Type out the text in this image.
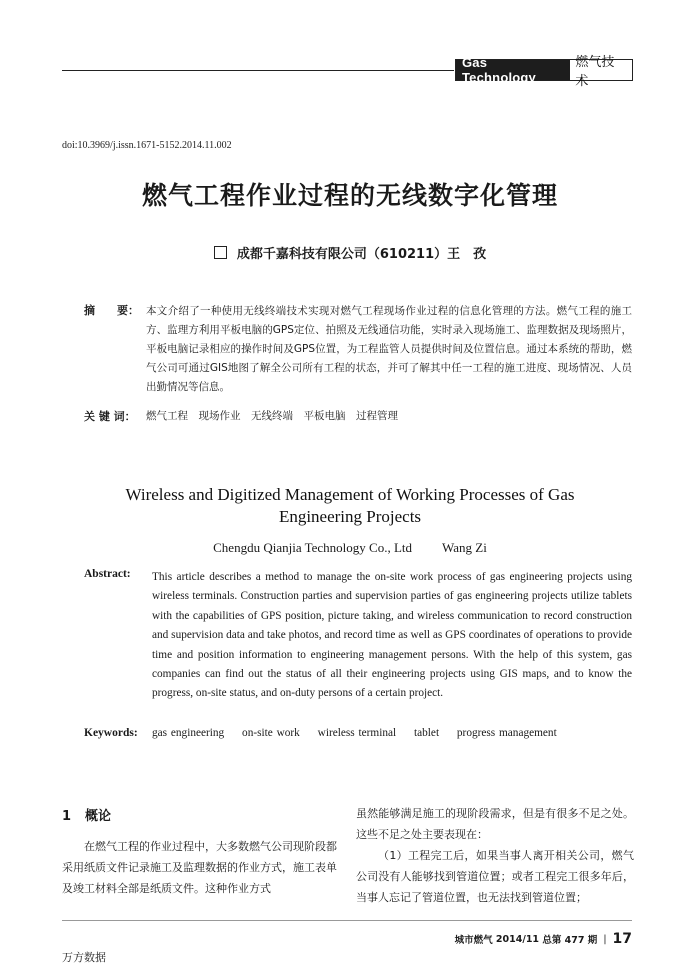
Gas Technology
燃气技术
doi:10.3969/j.issn.1671-5152.2014.11.002
燃气工程作业过程的无线数字化管理
成都千嘉科技有限公司（610211）王　孜
摘　　要： 本文介绍了一种使用无线终端技术实现对燃气工程现场作业过程的信息化管理的方法。燃气工程的施工方、监理方利用平板电脑的GPS定位、拍照及无线通信功能，实时录入现场施工、监理数据及现场照片，平板电脑记录相应的操作时间及GPS位置，为工程监管人员提供时间及位置信息。通过本系统的帮助，燃气公司可通过GIS地图了解全公司所有工程的状态，并可了解其中任一工程的施工进度、现场情况、人员出勤情况等信息。
关 键 词： 燃气工程　现场作业　无线终端　平板电脑　过程管理
Wireless and Digitized Management of Working Processes of Gas
Engineering Projects
Chengdu Qianjia Technology Co., Ltd Wang Zi
Abstract: This article describes a method to manage the on-site work process of gas engineering projects using wireless terminals. Construction parties and supervision parties of gas engineering projects utilize tablets with the capabilities of GPS position, picture taking, and wireless communication to record construction and supervision data and take photos, and record time as well as GPS coordinates of operations to provide time and position information to engineering management persons. With the help of this system, gas companies can find out the status of all their engineering projects using GIS maps, and to know the progress, on-site status, and on-duty persons of a certain project.
Keywords: gas engineering on-site work wireless terminal tablet progress management
1 概论
在燃气工程的作业过程中，大多数燃气公司现阶段都采用纸质文件记录施工及监理数据的作业方式，施工表单及竣工材料全部是纸质文件。这种作业方式
虽然能够满足施工的现阶段需求，但是有很多不足之处。这些不足之处主要表现在：
（1）工程完工后，如果当事人离开相关公司，燃气公司没有人能够找到管道位置；或者工程完工很多年后，当事人忘记了管道位置，也无法找到管道位置；
城市燃气
2014/11
总第 477 期 | 17
万方数据
